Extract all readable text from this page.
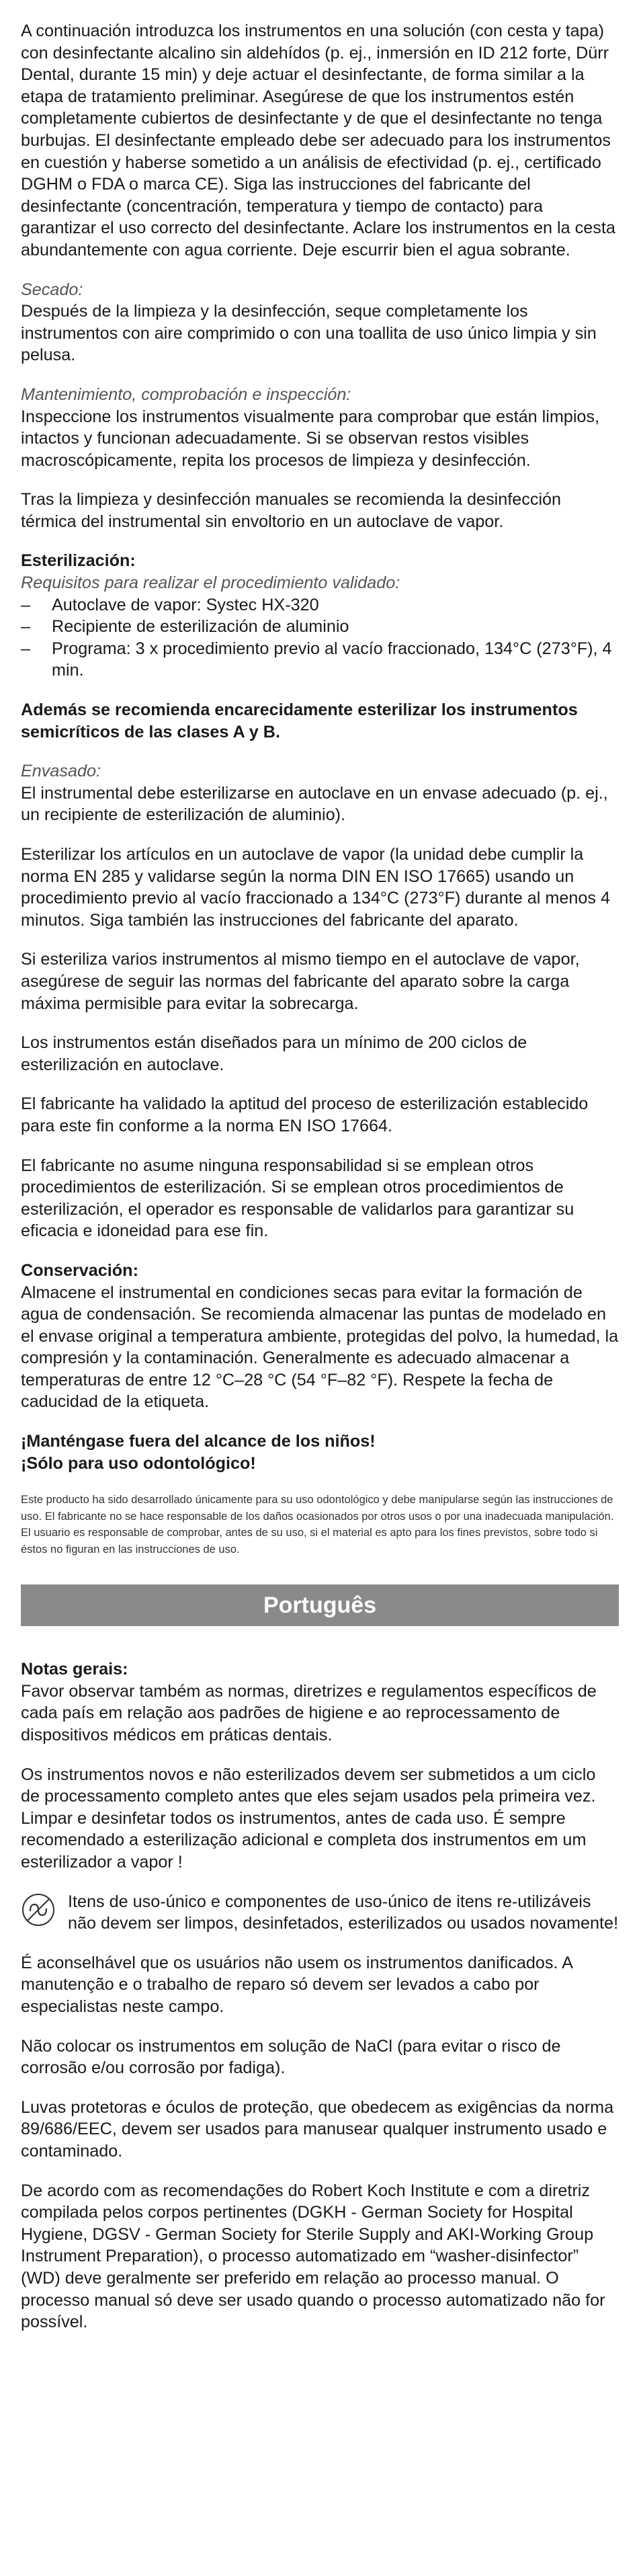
A continuación introduzca los instrumentos en una solución (con cesta y tapa) con desinfectante alcalino sin aldehídos (p. ej., inmersión en ID 212 forte, Dürr Dental, durante 15 min) y deje actuar el desinfectante, de forma similar a la etapa de tratamiento preliminar. Asegúrese de que los instrumentos estén completamente cubiertos de desinfectante y de que el desinfectante no tenga burbujas. El desinfectante empleado debe ser adecuado para los instrumentos en cuestión y haberse sometido a un análisis de efectividad (p. ej., certificado DGHM o FDA o marca CE). Siga las instrucciones del fabricante del desinfectante (concentración, temperatura y tiempo de contacto) para garantizar el uso correcto del desinfectante. Aclare los instrumentos en la cesta abundantemente con agua corriente. Deje escurrir bien el agua sobrante.

Secado:

Después de la limpieza y la desinfección, seque completamente los instrumentos con aire comprimido o con una toallita de uso único limpia y sin pelusa.

Mantenimiento, comprobación e inspección:

Inspeccione los instrumentos visualmente para comprobar que están limpios, intactos y funcionan adecuadamente. Si se observan restos visibles macroscópicamente, repita los procesos de limpieza y desinfección.

Tras la limpieza y desinfección manuales se recomienda la desinfección térmica del instrumental sin envoltorio en un autoclave de vapor.

Esterilización:

Requisitos para realizar el procedimiento validado:

– Autoclave de vapor: Systec HX-320
– Recipiente de esterilización de aluminio
– Programa: 3 x procedimiento previo al vacío fraccionado, 134°C (273°F), 4 min.

Además se recomienda encarecidamente esterilizar los instrumentos semicríticos de las clases A y B.

Envasado:

El instrumental debe esterilizarse en autoclave en un envase adecuado (p. ej., un recipiente de esterilización de aluminio).

Esterilizar los artículos en un autoclave de vapor (la unidad debe cumplir la norma EN 285 y validarse según la norma DIN EN ISO 17665) usando un procedimiento previo al vacío fraccionado a 134°C (273°F) durante al menos 4 minutos. Siga también las instrucciones del fabricante del aparato.

Si esteriliza varios instrumentos al mismo tiempo en el autoclave de vapor, asegúrese de seguir las normas del fabricante del aparato sobre la carga máxima permisible para evitar la sobrecarga.

Los instrumentos están diseñados para un mínimo de 200 ciclos de esterilización en autoclave.

El fabricante ha validado la aptitud del proceso de esterilización establecido para este fin conforme a la norma EN ISO 17664.

El fabricante no asume ninguna responsabilidad si se emplean otros procedimientos de esterilización. Si se emplean otros procedimientos de esterilización, el operador es responsable de validarlos para garantizar su eficacia e idoneidad para ese fin.

Conservación:

Almacene el instrumental en condiciones secas para evitar la formación de agua de condensación. Se recomienda almacenar las puntas de modelado en el envase original a temperatura ambiente, protegidas del polvo, la humedad, la compresión y la contaminación. Generalmente es adecuado almacenar a temperaturas de entre 12 °C–28 °C (54 °F–82 °F). Respete la fecha de caducidad de la etiqueta.

¡Manténgase fuera del alcance de los niños!

¡Sólo para uso odontológico!

Este producto ha sido desarrollado únicamente para su uso odontológico y debe manipularse según las instrucciones de uso. El fabricante no se hace responsable de los daños ocasionados por otros usos o por una inadecuada manipulación. El usuario es responsable de comprobar, antes de su uso, si el material es apto para los fines previstos, sobre todo si éstos no figuran en las instrucciones de uso.

Português

Notas gerais:

Favor observar também as normas, diretrizes e regulamentos específicos de cada país em relação aos padrões de higiene e ao reprocessamento de dispositivos médicos em práticas dentais.

Os instrumentos novos e não esterilizados devem ser submetidos a um ciclo de processamento completo antes que eles sejam usados pela primeira vez. Limpar e desinfetar todos os instrumentos, antes de cada uso. É sempre recomendado a esterilização adicional e completa dos instrumentos em um esterilizador a vapor !

Itens de uso-único e componentes de uso-único de itens re-utilizáveis não devem ser limpos, desinfetados, esterilizados ou usados novamente!

É aconselhável que os usuários não usem os instrumentos danificados. A manutenção e o trabalho de reparo só devem ser levados a cabo por especialistas neste campo.

Não colocar os instrumentos em solução de NaCl (para evitar o risco de corrosão e/ou corrosão por fadiga).

Luvas protetoras e óculos de proteção, que obedecem as exigências da norma 89/686/EEC, devem ser usados para manusear qualquer instrumento usado e contaminado.

De acordo com as recomendações do Robert Koch Institute e com a diretriz compilada pelos corpos pertinentes (DGKH - German Society for Hospital Hygiene, DGSV - German Society for Sterile Supply and AKI-Working Group Instrument Preparation), o processo automatizado em “washer-disinfector” (WD) deve geralmente ser preferido em relação ao processo manual. O processo manual só deve ser usado quando o processo automatizado não for possível.
